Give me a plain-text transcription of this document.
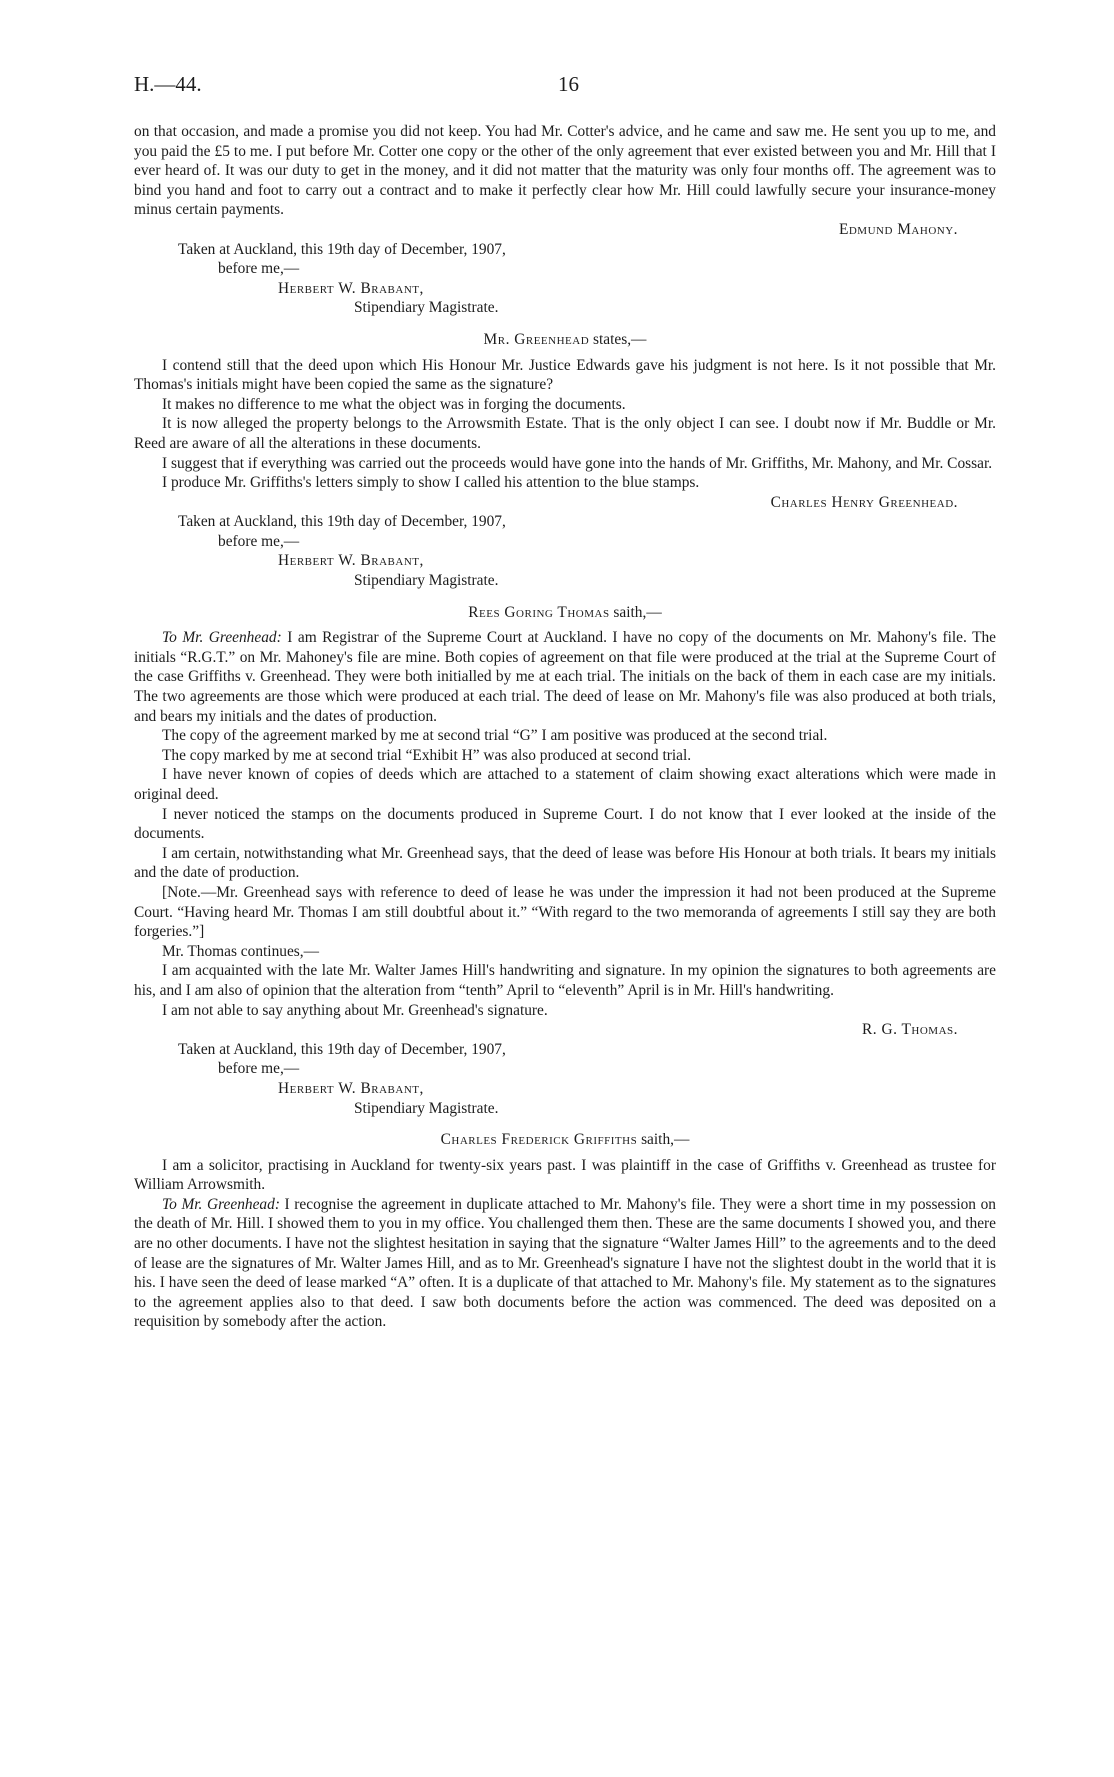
H.—44.	16

on that occasion, and made a promise you did not keep. You had Mr. Cotter's advice, and he came and saw me. He sent you up to me, and you paid the £5 to me. I put before Mr. Cotter one copy or the other of the only agreement that ever existed between you and Mr. Hill that I ever heard of. It was our duty to get in the money, and it did not matter that the maturity was only four months off. The agreement was to bind you hand and foot to carry out a contract and to make it perfectly clear how Mr. Hill could lawfully secure your insurance-money minus certain payments.

Edmund Mahony.

Taken at Auckland, this 19th day of December, 1907,

before me,—

Herbert W. Brabant,

Stipendiary Magistrate.

Mr. Greenhead states,—

I contend still that the deed upon which His Honour Mr. Justice Edwards gave his judgment is not here. Is it not possible that Mr. Thomas's initials might have been copied the same as the signature?

It makes no difference to me what the object was in forging the documents.

It is now alleged the property belongs to the Arrowsmith Estate. That is the only object I can see. I doubt now if Mr. Buddle or Mr. Reed are aware of all the alterations in these documents.

I suggest that if everything was carried out the proceeds would have gone into the hands of Mr. Griffiths, Mr. Mahony, and Mr. Cossar.

I produce Mr. Griffiths's letters simply to show I called his attention to the blue stamps.

Charles Henry Greenhead.

Taken at Auckland, this 19th day of December, 1907,

before me,—

Herbert W. Brabant,

Stipendiary Magistrate.

Rees Goring Thomas saith,—

To Mr. Greenhead: I am Registrar of the Supreme Court at Auckland. I have no copy of the documents on Mr. Mahony's file. The initials “R.G.T.” on Mr. Mahoney's file are mine. Both copies of agreement on that file were produced at the trial at the Supreme Court of the case Griffiths v. Greenhead. They were both initialled by me at each trial. The initials on the back of them in each case are my initials. The two agreements are those which were produced at each trial. The deed of lease on Mr. Mahony's file was also produced at both trials, and bears my initials and the dates of production.

The copy of the agreement marked by me at second trial “G” I am positive was produced at the second trial.

The copy marked by me at second trial “Exhibit H” was also produced at second trial.

I have never known of copies of deeds which are attached to a statement of claim showing exact alterations which were made in original deed.

I never noticed the stamps on the documents produced in Supreme Court. I do not know that I ever looked at the inside of the documents.

I am certain, notwithstanding what Mr. Greenhead says, that the deed of lease was before His Honour at both trials. It bears my initials and the date of production.

[Note.—Mr. Greenhead says with reference to deed of lease he was under the impression it had not been produced at the Supreme Court. “Having heard Mr. Thomas I am still doubtful about it.” “With regard to the two memoranda of agreements I still say they are both forgeries.”]

Mr. Thomas continues,—

I am acquainted with the late Mr. Walter James Hill's handwriting and signature. In my opinion the signatures to both agreements are his, and I am also of opinion that the alteration from “tenth” April to “eleventh” April is in Mr. Hill's handwriting.

I am not able to say anything about Mr. Greenhead's signature.

R. G. Thomas.

Taken at Auckland, this 19th day of December, 1907,

before me,—

Herbert W. Brabant,

Stipendiary Magistrate.

Charles Frederick Griffiths saith,—

I am a solicitor, practising in Auckland for twenty-six years past. I was plaintiff in the case of Griffiths v. Greenhead as trustee for William Arrowsmith.

To Mr. Greenhead: I recognise the agreement in duplicate attached to Mr. Mahony's file. They were a short time in my possession on the death of Mr. Hill. I showed them to you in my office. You challenged them then. These are the same documents I showed you, and there are no other documents. I have not the slightest hesitation in saying that the signature “Walter James Hill” to the agreements and to the deed of lease are the signatures of Mr. Walter James Hill, and as to Mr. Greenhead's signature I have not the slightest doubt in the world that it is his. I have seen the deed of lease marked “A” often. It is a duplicate of that attached to Mr. Mahony's file. My statement as to the signatures to the agreement applies also to that deed. I saw both documents before the action was commenced. The deed was deposited on a requisition by somebody after the action.
